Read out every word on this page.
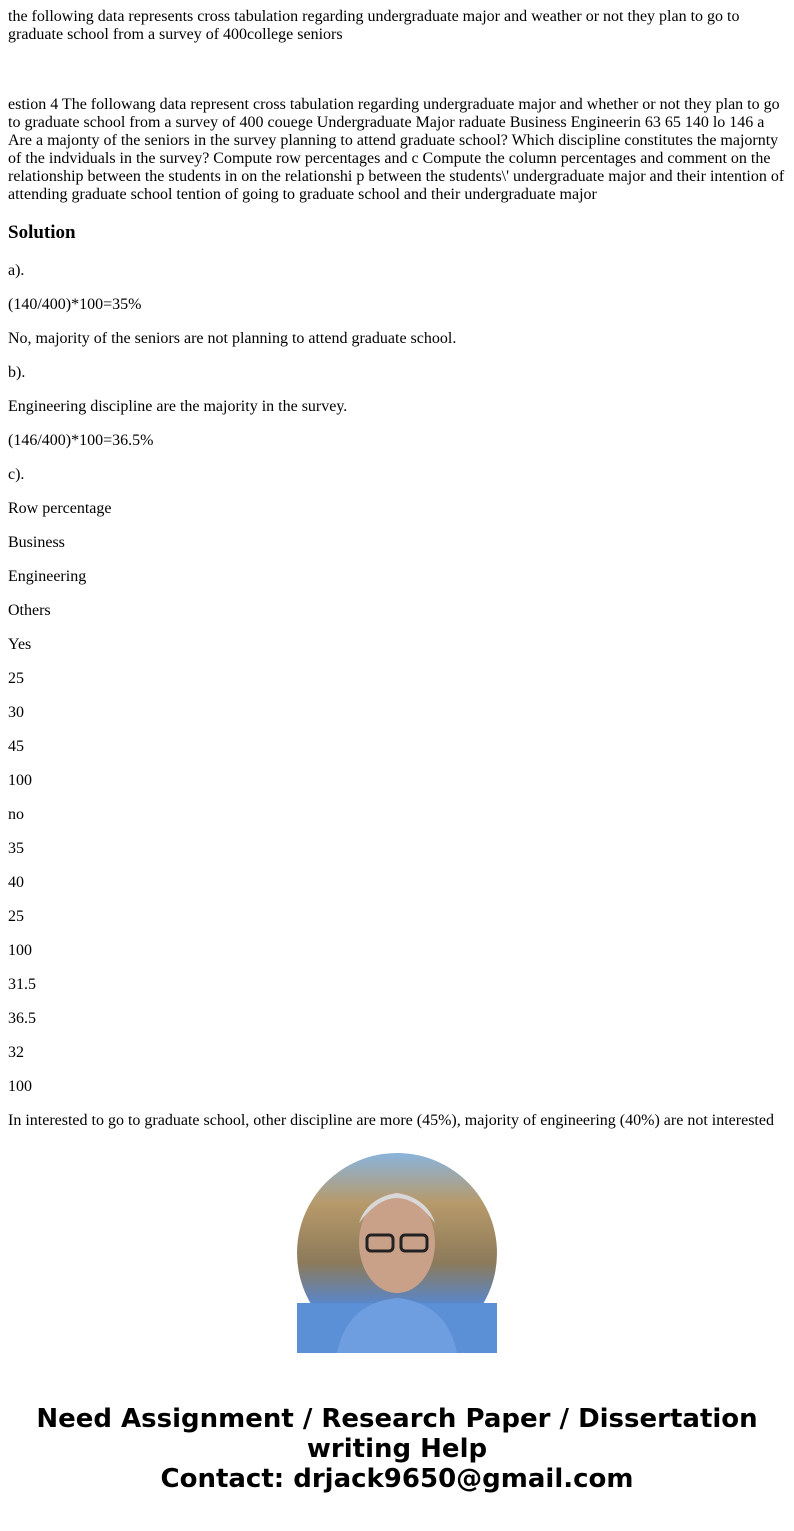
the following data represents cross tabulation regarding undergraduate major and weather or not they plan to go to graduate school from a survey of 400college seniors

estion 4 The followang data represent cross tabulation regarding undergraduate major and whether or not they plan to go to graduate school from a survey of 400 couege Undergraduate Major raduate Business Engineerin 63 65 140 lo 146 a Are a majonty of the seniors in the survey planning to attend graduate school? Which discipline constitutes the majornty of the indviduals in the survey? Compute row percentages and c Compute the column percentages and comment on the relationship between the students in on the relationshi p between the students\' undergraduate major and their intention of attending graduate school tention of going to graduate school and their undergraduate major

Solution

a).

(140/400)*100=35%

No, majority of the seniors are not planning to attend graduate school.

b).

Engineering discipline are the majority in the survey.

(146/400)*100=36.5%

c).

Row percentage

Business

Engineering

Others

Yes

25

30

45

100

no

35

40

25

100

31.5

36.5

32

100

In interested to go to graduate school, other discipline are more (45%), majority of engineering (40%) are not interested

Need Assignment / Research Paper / Dissertation writing Help
Contact: drjack9650@gmail.com
